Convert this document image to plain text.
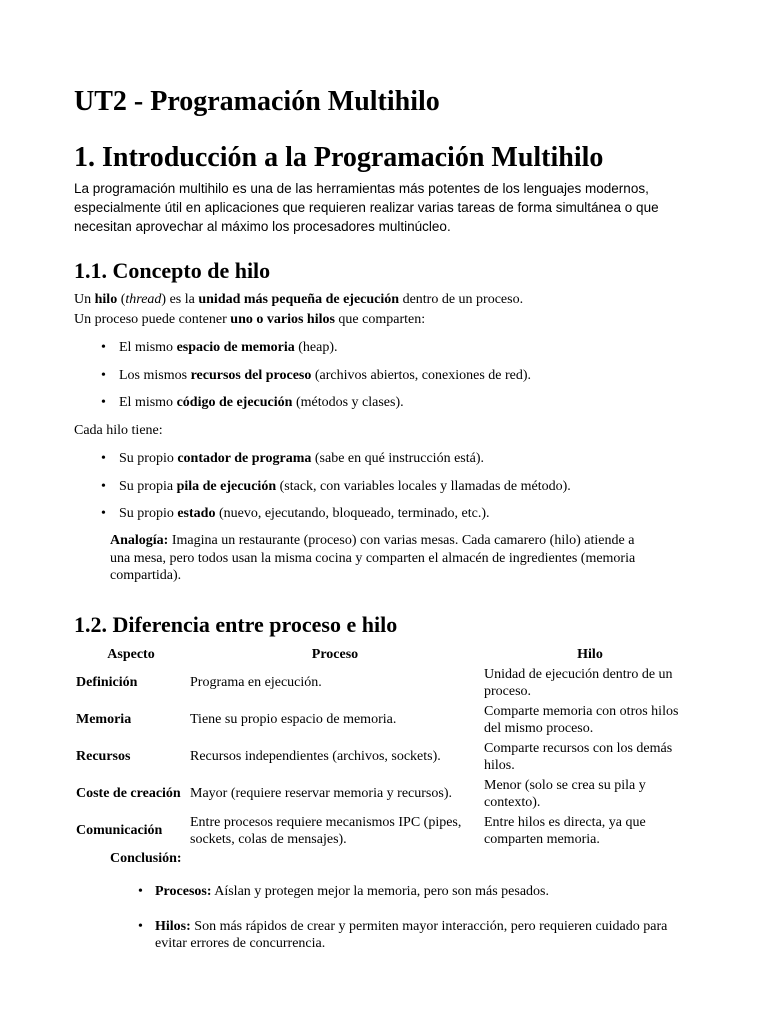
UT2 - Programación Multihilo
1. Introducción a la Programación Multihilo

La programación multihilo es una de las herramientas más potentes de los lenguajes modernos, especialmente útil en aplicaciones que requieren realizar varias tareas de forma simultánea o que necesitan aprovechar al máximo los procesadores multinúcleo.

1.1. Concepto de hilo

Un hilo (thread) es la unidad más pequeña de ejecución dentro de un proceso.

Un proceso puede contener uno o varios hilos que comparten:

• El mismo espacio de memoria (heap).

• Los mismos recursos del proceso (archivos abiertos, conexiones de red).

• El mismo código de ejecución (métodos y clases).

Cada hilo tiene:

• Su propio contador de programa (sabe en qué instrucción está).

• Su propia pila de ejecución (stack, con variables locales y llamadas de método).

• Su propio estado (nuevo, ejecutando, bloqueado, terminado, etc.).

Analogía: Imagina un restaurante (proceso) con varias mesas. Cada camarero (hilo) atiende a una mesa, pero todos usan la misma cocina y comparten el almacén de ingredientes (memoria compartida).

1.2. Diferencia entre proceso e hilo
Aspecto	Proceso	Hilo
Definición	Programa en ejecución.	Unidad de ejecución dentro de un proceso.
Memoria	Tiene su propio espacio de memoria.	Comparte memoria con otros hilos del mismo proceso.
Recursos	Recursos independientes (archivos, sockets).	Comparte recursos con los demás hilos.
Coste de creación	Mayor (requiere reservar memoria y recursos).	Menor (solo se crea su pila y contexto).
Comunicación	Entre procesos requiere mecanismos IPC (pipes, sockets, colas de mensajes).	Entre hilos es directa, ya que comparten memoria.

Conclusión:

• Procesos: Aíslan y protegen mejor la memoria, pero son más pesados.

• Hilos: Son más rápidos de crear y permiten mayor interacción, pero requieren cuidado para evitar errores de concurrencia.
